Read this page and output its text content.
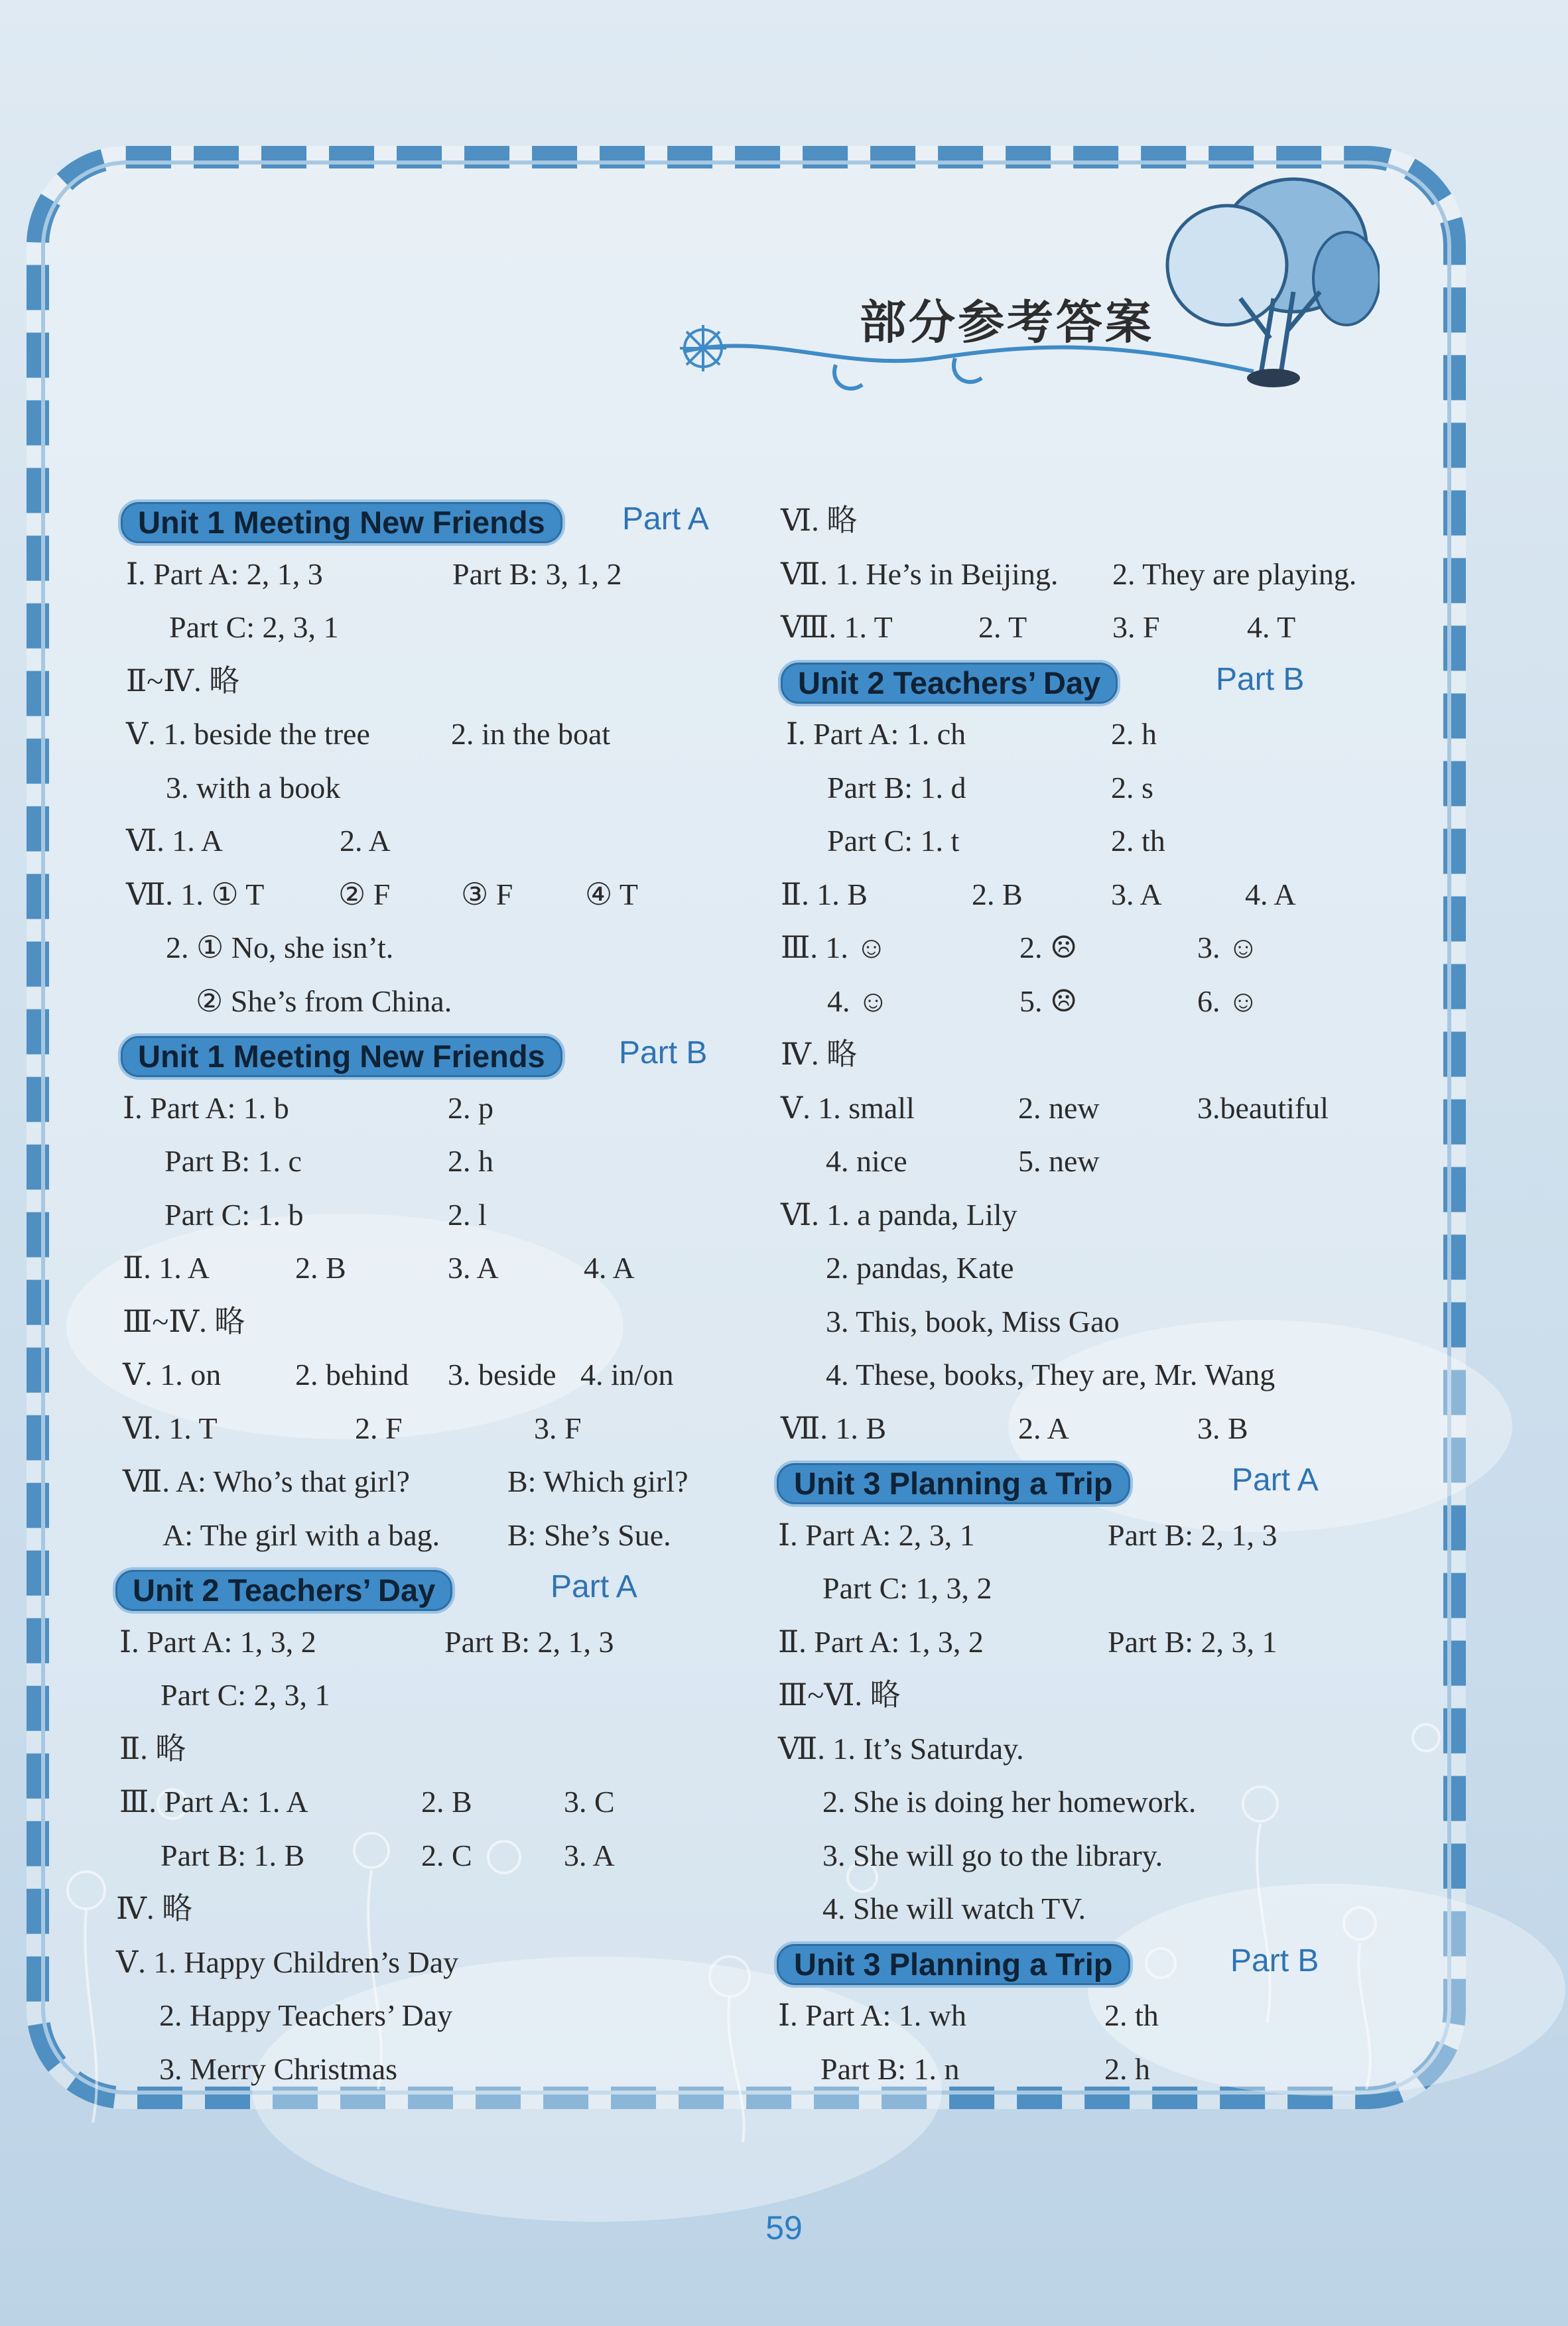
部分参考答案
Unit 1 Meeting New Friends	Part A
Ⅰ. Part A: 2, 1, 3	Part B: 3, 1, 2
Part C: 2, 3, 1
Ⅱ~Ⅳ. 略
Ⅴ. 1. beside the tree	2. in the boat
3. with a book
Ⅵ. 1. A	2. A
Ⅶ. 1. ① T ② F ③ F ④ T
2. ① No, she isn’t.
② She’s from China.
Unit 1 Meeting New Friends	Part B
Ⅰ. Part A: 1. b	2. p
Part B: 1. c	2. h
Part C: 1. b	2. l
Ⅱ. 1. A	2. B	3. A	4. A
Ⅲ~Ⅳ. 略
Ⅴ. 1. on 2. behind 3. beside 4. in/on
Ⅵ. 1. T	2. F	3. F
Ⅶ. A: Who’s that girl?	B: Which girl?
A: The girl with a bag. B: She’s Sue.
Unit 2 Teachers’ Day	Part A
Ⅰ. Part A: 1, 3, 2	Part B: 2, 1, 3
Part C: 2, 3, 1
Ⅱ. 略
Ⅲ. Part A: 1. A	2. B	3. C
Part B: 1. B	2. C	3. A
Ⅳ. 略
Ⅴ. 1. Happy Children’s Day
2. Happy Teachers’ Day
3. Merry Christmas
Ⅵ. 略
Ⅶ. 1. He’s in Beijing. 2. They are playing.
Ⅷ. 1. T	2. T	3. F	4. T
Unit 2 Teachers’ Day	Part B
Ⅰ. Part A: 1. ch	2. h
Part B: 1. d	2. s
Part C: 1. t	2. th
Ⅱ. 1. B	2. B	3. A	4. A
Ⅲ. 1. ☺	2. ☹	3. ☺
4. ☺	5. ☹	6. ☺
Ⅳ. 略
Ⅴ. 1. small	2. new	3.beautiful
4. nice	5. new
Ⅵ. 1. a panda, Lily
2. pandas, Kate
3. This, book, Miss Gao
4. These, books, They are, Mr. Wang
Ⅶ. 1. B	2. A	3. B
Unit 3 Planning a Trip	Part A
Ⅰ. Part A: 2, 3, 1	Part B: 2, 1, 3
Part C: 1, 3, 2
Ⅱ. Part A: 1, 3, 2	Part B: 2, 3, 1
Ⅲ~Ⅵ. 略
Ⅶ. 1. It’s Saturday.
2. She is doing her homework.
3. She will go to the library.
4. She will watch TV.
Unit 3 Planning a Trip	Part B
Ⅰ. Part A: 1. wh	2. th
Part B: 1. n	2. h
59
